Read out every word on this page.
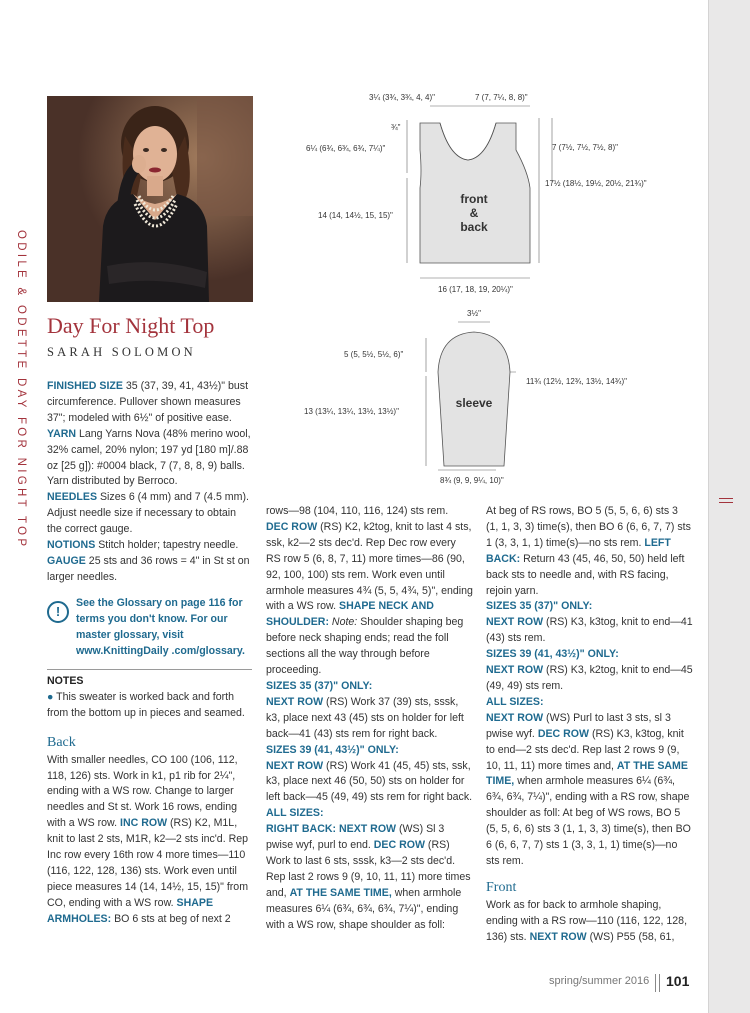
ODILE & ODETTE
DAY FOR NIGHT TOP
Day For Night Top
SARAH SOLOMON

FINISHED SIZE 35 (37, 39, 41, 43½)" bust circumference. Pullover shown measures 37"; modeled with 6½" of positive ease.

YARN Lang Yarns Nova (48% merino wool, 32% camel, 20% nylon; 197 yd [180 m]/.88 oz [25 g]): #0004 black, 7 (7, 8, 8, 9) balls. Yarn distributed by Berroco.

NEEDLES Sizes 6 (4 mm) and 7 (4.5 mm). Adjust needle size if necessary to obtain the correct gauge.

NOTIONS Stitch holder; tapestry needle.

GAUGE 25 sts and 36 rows = 4" in St st on larger needles.

!
See the Glossary on page 116 for terms you don't know. For our master glossary, visit www.KnittingDaily .com/glossary.

NOTES

● This sweater is worked back and forth from the bottom up in pieces and seamed.

Back

With smaller needles, CO 100 (106, 112, 118, 126) sts. Work in k1, p1 rib for 2¼", ending with a WS row. Change to larger needles and St st. Work 16 rows, ending with a WS row. INC ROW (RS) K2, M1L, knit to last 2 sts, M1R, k2—2 sts inc'd. Rep Inc row every 16th row 4 more times—110 (116, 122, 128, 136) sts. Work even until piece measures 14 (14, 14½, 15, 15)" from CO, ending with a WS row. SHAPE ARMHOLES: BO 6 sts at beg of next 2

rows—98 (104, 110, 116, 124) sts rem. DEC ROW (RS) K2, k2tog, knit to last 4 sts, ssk, k2—2 sts dec'd. Rep Dec row every RS row 5 (6, 8, 7, 11) more times—86 (90, 92, 100, 100) sts rem. Work even until armhole measures 4¾ (5, 5, 4¾, 5)", ending with a WS row. SHAPE NECK AND SHOULDER: Note: Shoulder shaping beg before neck shaping ends; read the foll sections all the way through before proceeding.

SIZES 35 (37)" ONLY:

NEXT ROW (RS) Work 37 (39) sts, sssk, k3, place next 43 (45) sts on holder for left back—41 (43) sts rem for right back.

SIZES 39 (41, 43½)" ONLY:

NEXT ROW (RS) Work 41 (45, 45) sts, ssk, k3, place next 46 (50, 50) sts on holder for left back—45 (49, 49) sts rem for right back.

ALL SIZES:

RIGHT BACK: NEXT ROW (WS) Sl 3 pwise wyf, purl to end. DEC ROW (RS) Work to last 6 sts, sssk, k3—2 sts dec'd. Rep last 2 rows 9 (9, 10, 11, 11) more times and, AT THE SAME TIME, when armhole measures 6¼ (6¾, 6¾, 6¾, 7¼)", ending with a WS row, shape shoulder as foll:

At beg of RS rows, BO 5 (5, 5, 6, 6) sts 3 (1, 1, 3, 3) time(s), then BO 6 (6, 6, 7, 7) sts 1 (3, 3, 1, 1) time(s)—no sts rem. LEFT BACK: Return 43 (45, 46, 50, 50) held left back sts to needle and, with RS facing, rejoin yarn.

SIZES 35 (37)" ONLY:

NEXT ROW (RS) K3, k3tog, knit to end—41 (43) sts rem.

SIZES 39 (41, 43½)" ONLY:

NEXT ROW (RS) K3, k2tog, knit to end—45 (49, 49) sts rem.

ALL SIZES:

NEXT ROW (WS) Purl to last 3 sts, sl 3 pwise wyf. DEC ROW (RS) K3, k3tog, knit to end—2 sts dec'd. Rep last 2 rows 9 (9, 10, 11, 11) more times and, AT THE SAME TIME, when armhole measures 6¼ (6¾, 6¾, 6¾, 7¼)", ending with a RS row, shape shoulder as foll: At beg of WS rows, BO 5 (5, 5, 6, 6) sts 3 (1, 1, 3, 3) time(s), then BO 6 (6, 6, 7, 7) sts 1 (3, 3, 1, 1) time(s)—no sts rem.

Front

Work as for back to armhole shaping, ending with a RS row—110 (116, 122, 128, 136) sts. NEXT ROW (WS) P55 (58, 61,

3¼ (3¾, 3¾, 4, 4)"	7 (7, 7¼, 8, 8)"
¾"
6¼ (6¾, 6¾, 6¾, 7¼)"	7 (7½, 7½, 7½, 8)"
17½ (18½, 19½, 20½, 21¾)"
14 (14, 14½, 15, 15)"
16 (17, 18, 19, 20¼)"
front
&
back
3½"
5 (5, 5½, 5½, 6)"
11¾ (12½, 12¾, 13½, 14¾)"
13 (13¼, 13¼, 13½, 13½)"
8¾ (9, 9, 9¼, 10)"
sleeve
spring/summer 2016 101
